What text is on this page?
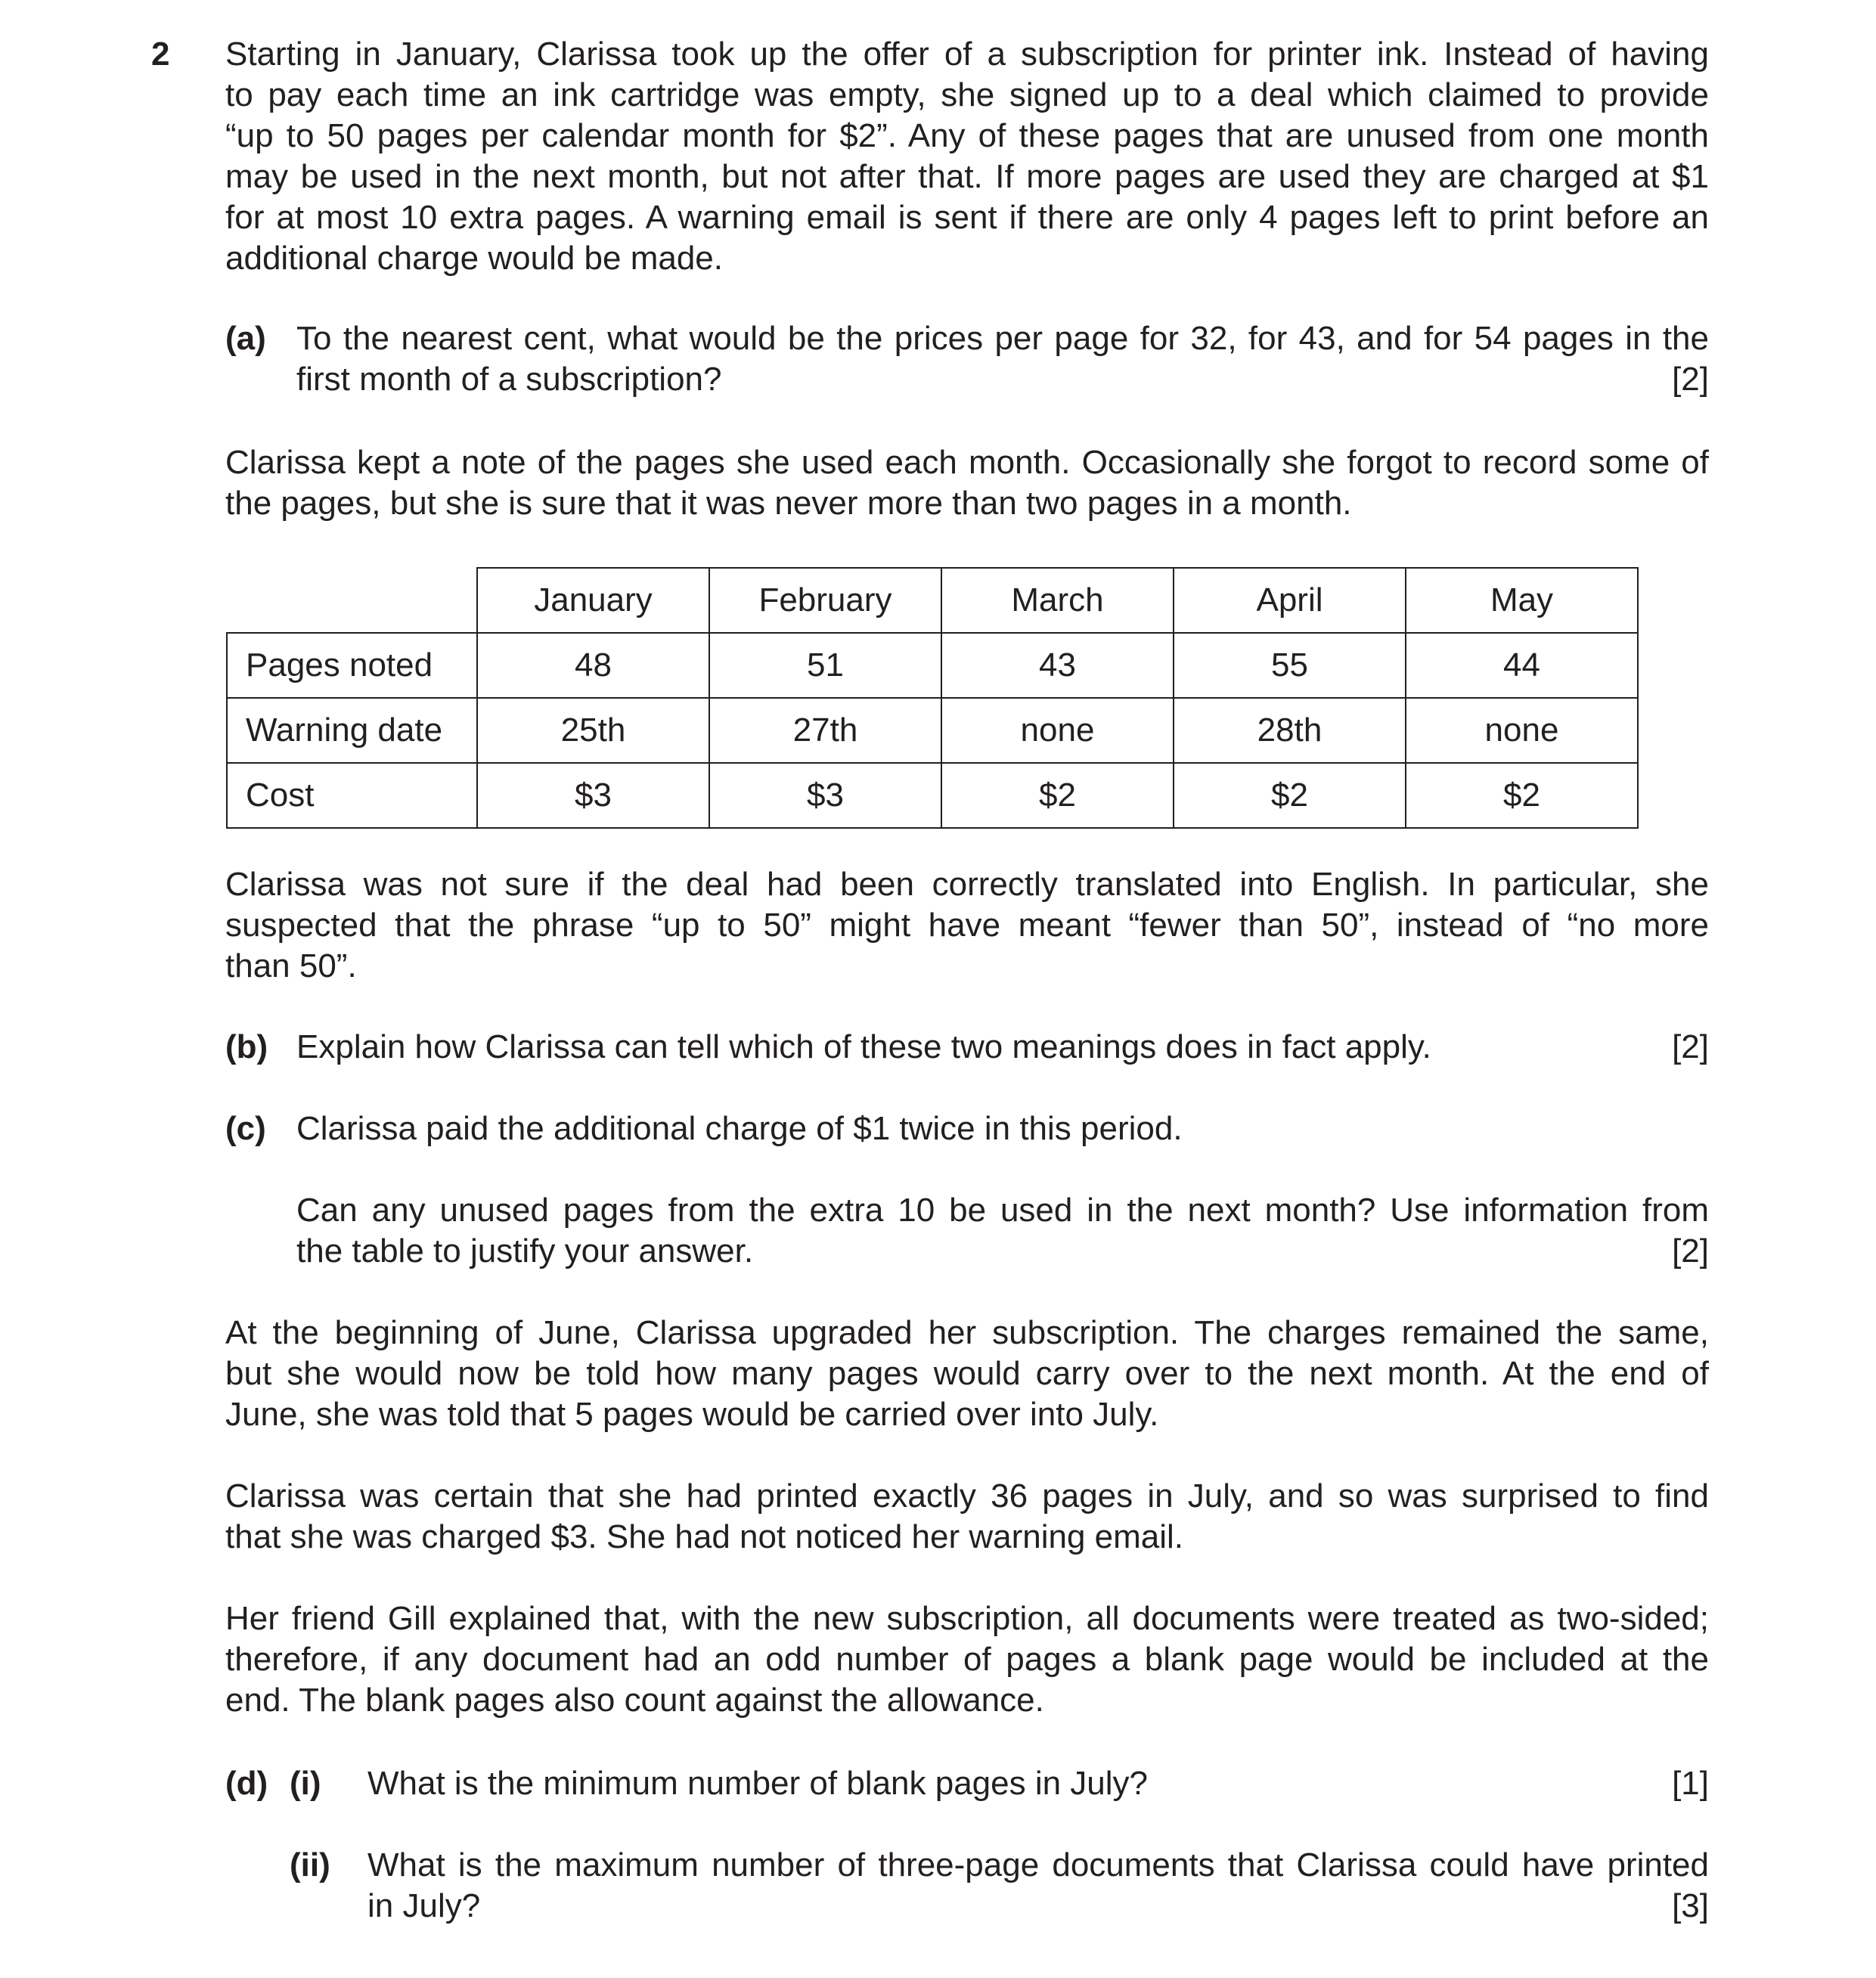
2 Starting in January, Clarissa took up the offer of a subscription for printer ink. Instead of having
to pay each time an ink cartridge was empty, she signed up to a deal which claimed to provide
“up to 50 pages per calendar month for $2”. Any of these pages that are unused from one month
may be used in the next month, but not after that. If more pages are used they are charged at $1
for at most 10 extra pages. A warning email is sent if there are only 4 pages left to print before an
additional charge would be made.
(a) To the nearest cent, what would be the prices per page for 32, for 43, and for 54 pages in the
first month of a subscription?	[2]
Clarissa kept a note of the pages she used each month. Occasionally she forgot to record some of
the pages, but she is sure that it was never more than two pages in a month.
	January	February	March	April	May
Pages noted	48	51	43	55	44
Warning date	25th	27th	none	28th	none
Cost	$3	$3	$2	$2	$2
Clarissa was not sure if the deal had been correctly translated into English. In particular, she
suspected that the phrase “up to 50” might have meant “fewer than 50”, instead of “no more
than 50”.
(b) Explain how Clarissa can tell which of these two meanings does in fact apply.	[2]
(c) Clarissa paid the additional charge of $1 twice in this period.
Can any unused pages from the extra 10 be used in the next month? Use information from
the table to justify your answer.	[2]
At the beginning of June, Clarissa upgraded her subscription. The charges remained the same,
but she would now be told how many pages would carry over to the next month. At the end of
June, she was told that 5 pages would be carried over into July.
Clarissa was certain that she had printed exactly 36 pages in July, and so was surprised to find
that she was charged $3. She had not noticed her warning email.
Her friend Gill explained that, with the new subscription, all documents were treated as two-sided;
therefore, if any document had an odd number of pages a blank page would be included at the
end. The blank pages also count against the allowance.
(d) (i) What is the minimum number of blank pages in July?	[1]
(ii) What is the maximum number of three-page documents that Clarissa could have printed
in July?	[3]
